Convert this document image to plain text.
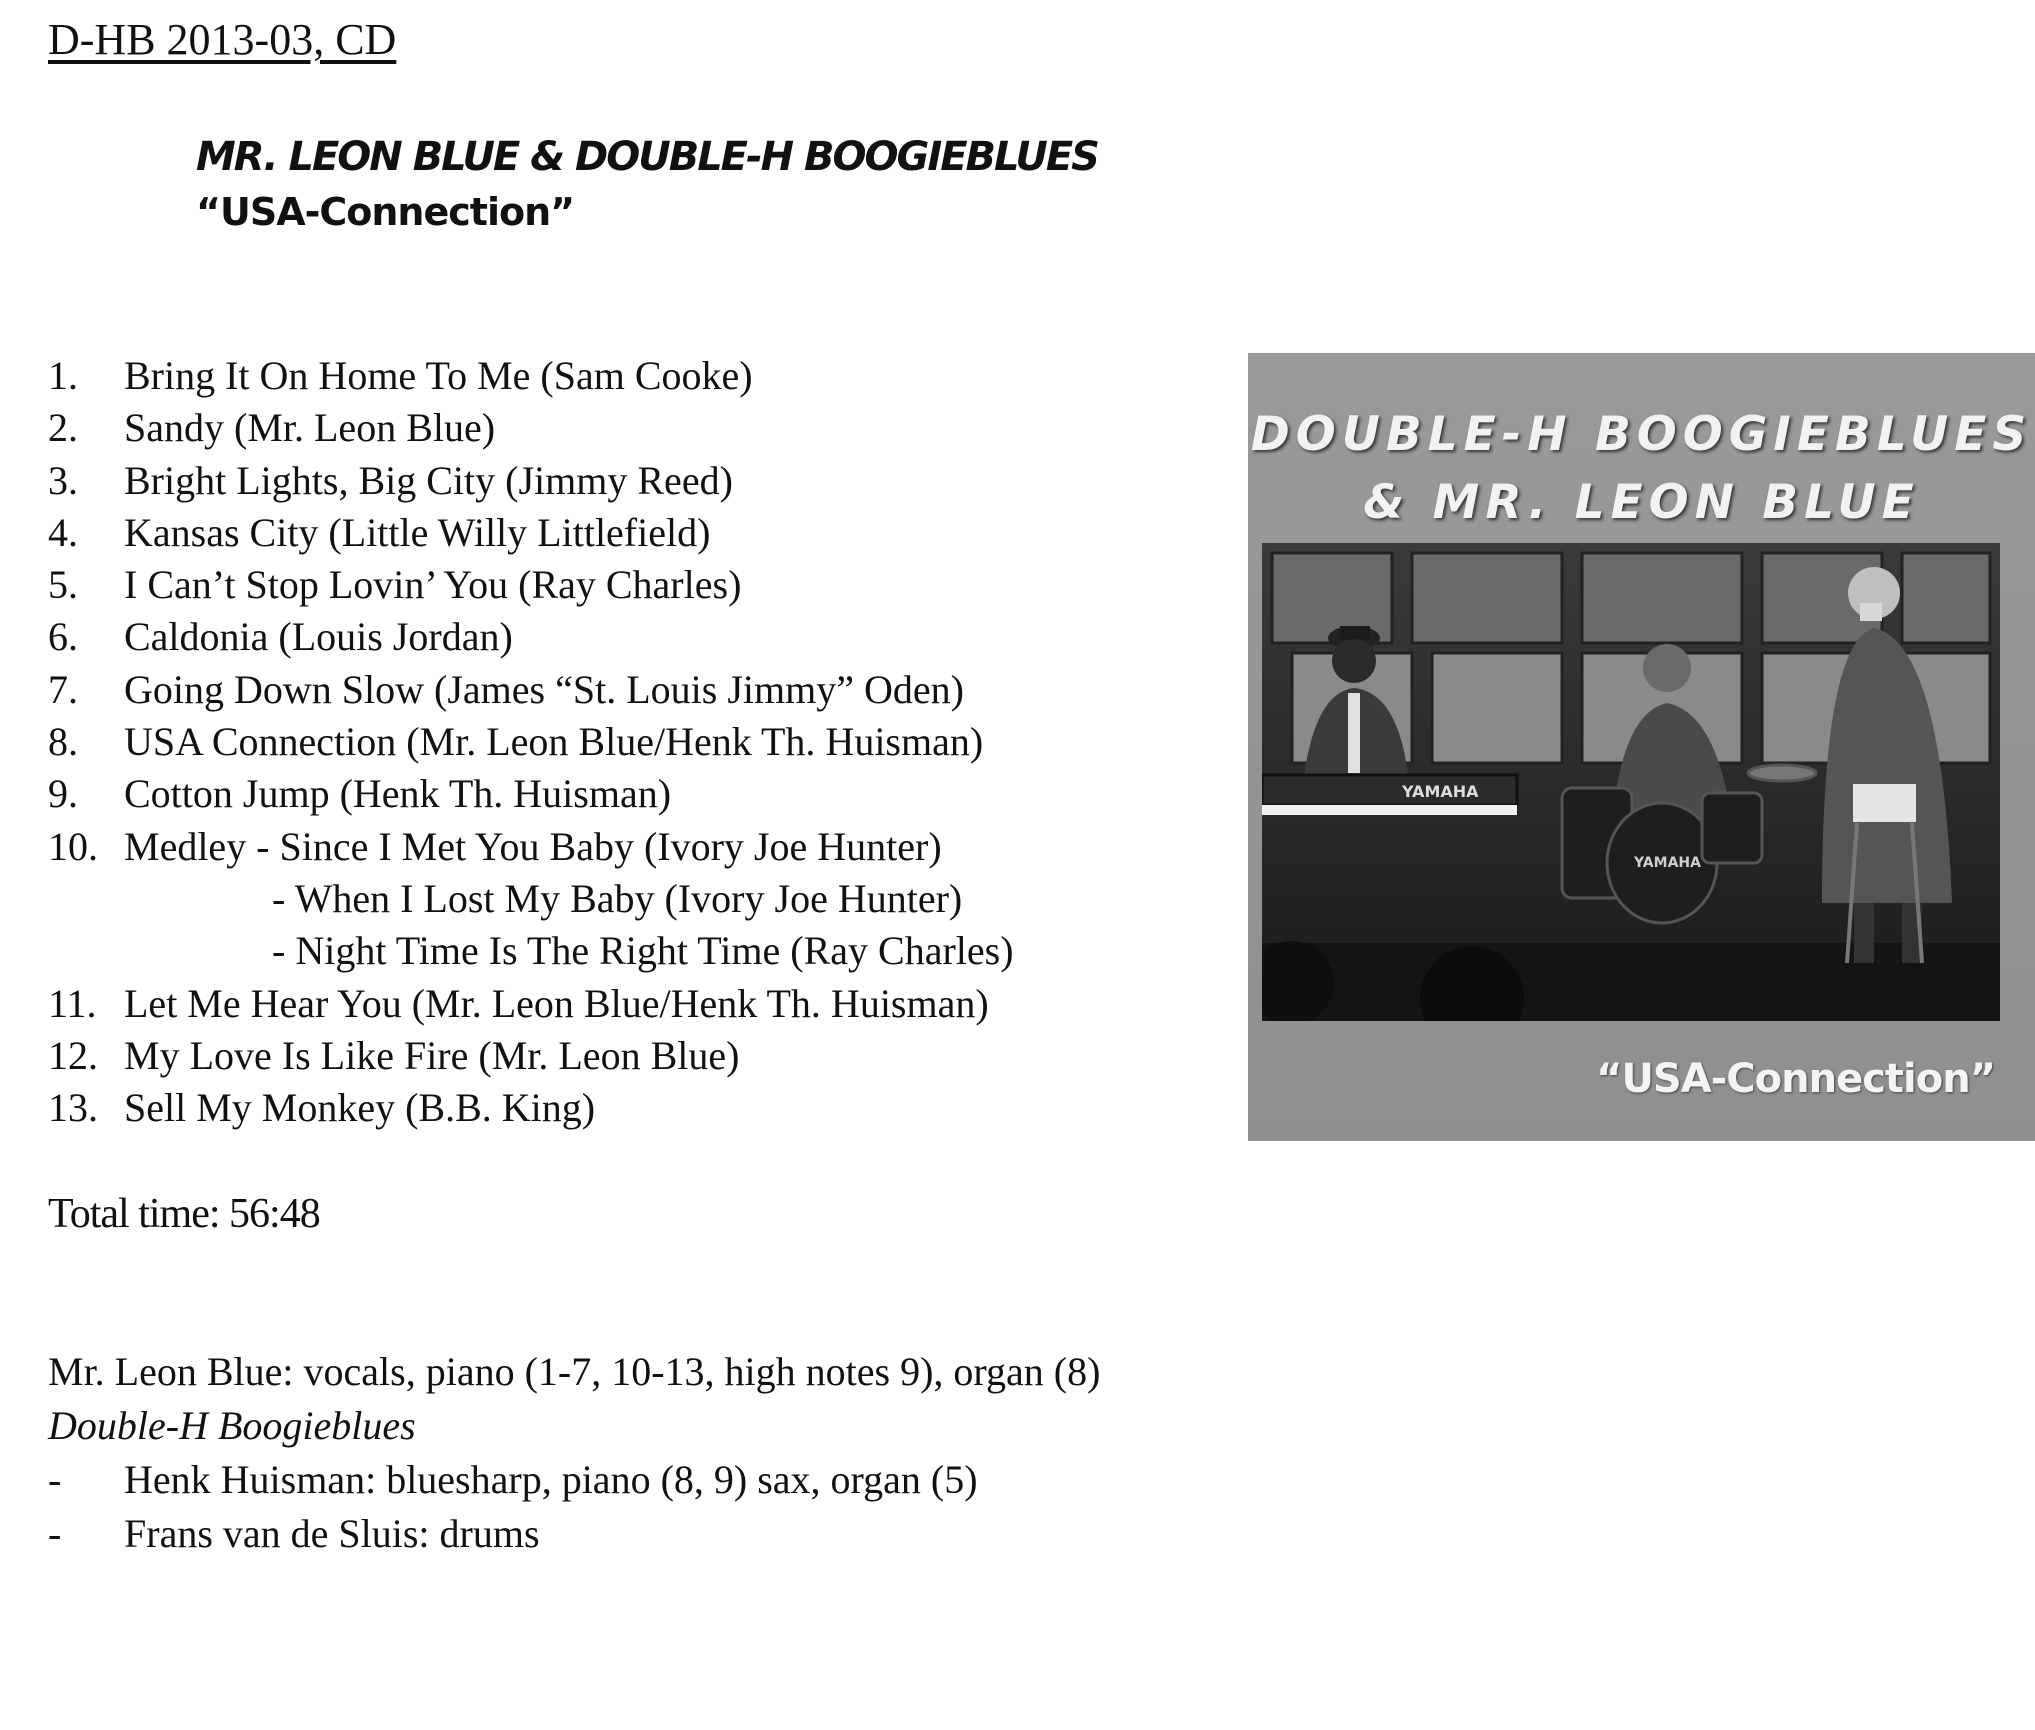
D-HB 2013-03, CD
MR. LEON BLUE & DOUBLE-H BOOGIEBLUES
“USA-Connection”
1.	Bring It On Home To Me (Sam Cooke)
2.	Sandy (Mr. Leon Blue)
3.	Bright Lights, Big City (Jimmy Reed)
4.	Kansas City (Little Willy Littlefield)
5.	I Can’t Stop Lovin’ You (Ray Charles)
6.	Caldonia (Louis Jordan)
7.	Going Down Slow (James “St. Louis Jimmy” Oden)
8.	USA Connection (Mr. Leon Blue/Henk Th. Huisman)
9.	Cotton Jump (Henk Th. Huisman)
10. Medley - Since I Met You Baby (Ivory Joe Hunter)
- When I Lost My Baby (Ivory Joe Hunter)
- Night Time Is The Right Time (Ray Charles)
11. Let Me Hear You (Mr. Leon Blue/Henk Th. Huisman)
12. My Love Is Like Fire (Mr. Leon Blue)
13. Sell My Monkey (B.B. King)
Total time: 56:48
Mr. Leon Blue: vocals, piano (1-7, 10-13, high notes 9), organ (8)
Double-H Boogieblues
-	Henk Huisman: bluesharp, piano (8, 9) sax, organ (5)
-	Frans van de Sluis: drums
DOUBLE-H BOOGIEBLUES
& MR. LEON BLUE
YAMAHA
YAMAHA
“USA-Connection”
